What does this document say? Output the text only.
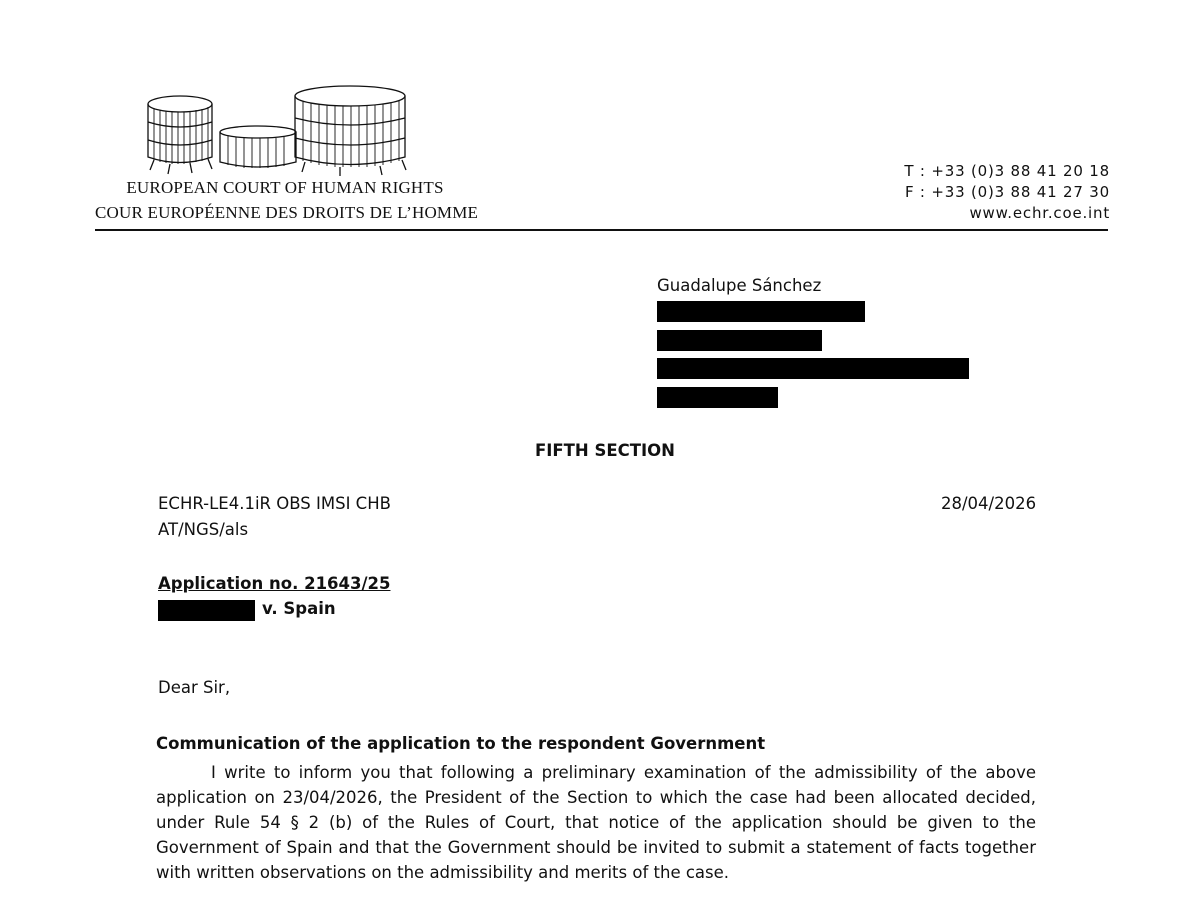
EUROPEAN COURT OF HUMAN RIGHTS
COUR EUROPÉENNE DES DROITS DE L’HOMME
T : +33 (0)3 88 41 20 18
F : +33 (0)3 88 41 27 30
www.echr.coe.int
Guadalupe Sánchez
FIFTH SECTION
ECHR-LE4.1iR OBS IMSI CHB
AT/NGS/als
28/04/2026
Application no. 21643/25
v. Spain
Dear Sir,
Communication of the application to the respondent Government

I write to inform you that following a preliminary examination of the admissibility of the above application on 23/04/2026, the President of the Section to which the case had been allocated decided, under Rule 54 § 2 (b) of the Rules of Court, that notice of the application should be given to the Government of Spain and that the Government should be invited to submit a statement of facts together with written observations on the admissibility and merits of the case.
